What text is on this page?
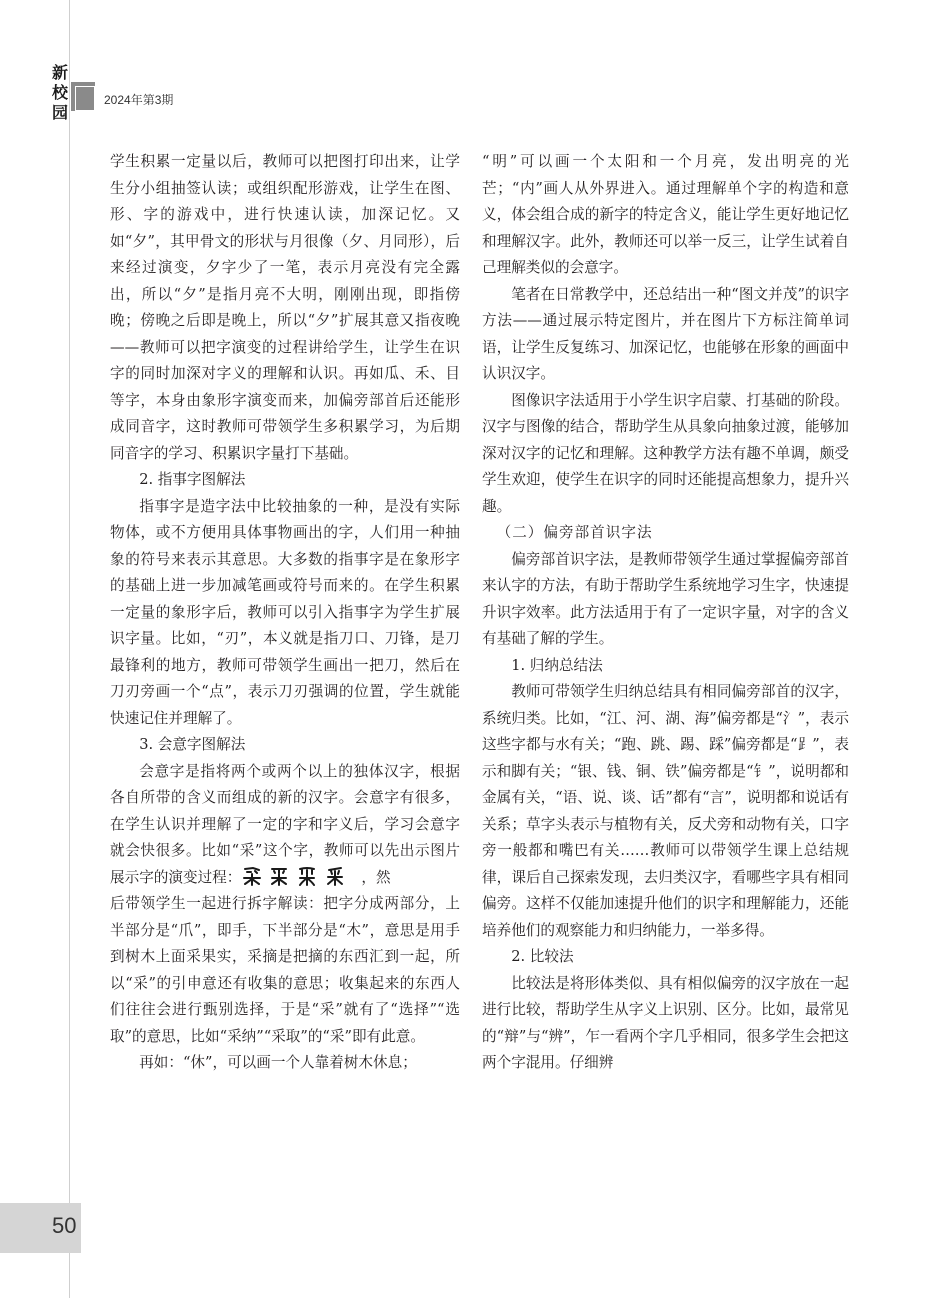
新
校
园
2024年第3期

学生积累一定量以后，教师可以把图打印出来，让学生分小组抽签认读；或组织配形游戏，让学生在图、形、字的游戏中，进行快速认读，加深记忆。又如“夕”，其甲骨文的形状与月很像（夕、月同形），后来经过演变，夕字少了一笔，表示月亮没有完全露出，所以“夕”是指月亮不大明，刚刚出现，即指傍晚；傍晚之后即是晚上，所以“夕”扩展其意又指夜晚——教师可以把字演变的过程讲给学生，让学生在识字的同时加深对字义的理解和认识。再如瓜、禾、目等字，本身由象形字演变而来，加偏旁部首后还能形成同音字，这时教师可带领学生多积累学习，为后期同音字的学习、积累识字量打下基础。

2. 指事字图解法

指事字是造字法中比较抽象的一种，是没有实际物体，或不方便用具体事物画出的字，人们用一种抽象的符号来表示其意思。大多数的指事字是在象形字的基础上进一步加减笔画或符号而来的。在学生积累一定量的象形字后，教师可以引入指事字为学生扩展识字量。比如，“刃”，本义就是指刀口、刀锋，是刀最锋利的地方，教师可带领学生画出一把刀，然后在刀刃旁画一个“点”，表示刀刃强调的位置，学生就能快速记住并理解了。

3. 会意字图解法

会意字是指将两个或两个以上的独体汉字，根据各自所带的含义而组成的新的汉字。会意字有很多，在学生认识并理解了一定的字和字义后，学习会意字就会快很多。比如“采”这个字，教师可以先出示图片展示字的演变过程：	，然

后带领学生一起进行拆字解读：把字分成两部分，上半部分是“爪”，即手，下半部分是“木”，意思是用手到树木上面采果实，采摘是把摘的东西汇到一起，所以“采”的引申意还有收集的意思；收集起来的东西人们往往会进行甄别选择，于是“采”就有了“选择”“选取”的意思，比如“采纳”“采取”的“采”即有此意。

再如：“休”，可以画一个人靠着树木休息；

“明”可以画一个太阳和一个月亮，发出明亮的光芒；“内”画人从外界进入。通过理解单个字的构造和意义，体会组合成的新字的特定含义，能让学生更好地记忆和理解汉字。此外，教师还可以举一反三，让学生试着自己理解类似的会意字。

笔者在日常教学中，还总结出一种“图文并茂”的识字方法——通过展示特定图片，并在图片下方标注简单词语，让学生反复练习、加深记忆，也能够在形象的画面中认识汉字。

图像识字法适用于小学生识字启蒙、打基础的阶段。汉字与图像的结合，帮助学生从具象向抽象过渡，能够加深对汉字的记忆和理解。这种教学方法有趣不单调，颇受学生欢迎，使学生在识字的同时还能提高想象力，提升兴趣。

（二）偏旁部首识字法

偏旁部首识字法，是教师带领学生通过掌握偏旁部首来认字的方法，有助于帮助学生系统地学习生字，快速提升识字效率。此方法适用于有了一定识字量，对字的含义有基础了解的学生。

1. 归纳总结法

教师可带领学生归纳总结具有相同偏旁部首的汉字，系统归类。比如，“江、河、湖、海”偏旁都是“氵”，表示这些字都与水有关；“跑、跳、踢、踩”偏旁都是“⻊”，表示和脚有关；“银、钱、铜、铁”偏旁都是“钅”，说明都和金属有关，“语、说、谈、话”都有“言”，说明都和说话有关系；草字头表示与植物有关，反犬旁和动物有关，口字旁一般都和嘴巴有关……教师可以带领学生课上总结规律，课后自己探索发现，去归类汉字，看哪些字具有相同偏旁。这样不仅能加速提升他们的识字和理解能力，还能培养他们的观察能力和归纳能力，一举多得。

2. 比较法

比较法是将形体类似、具有相似偏旁的汉字放在一起进行比较，帮助学生从字义上识别、区分。比如，最常见的“辩”与“辨”，乍一看两个字几乎相同，很多学生会把这两个字混用。仔细辨

50
